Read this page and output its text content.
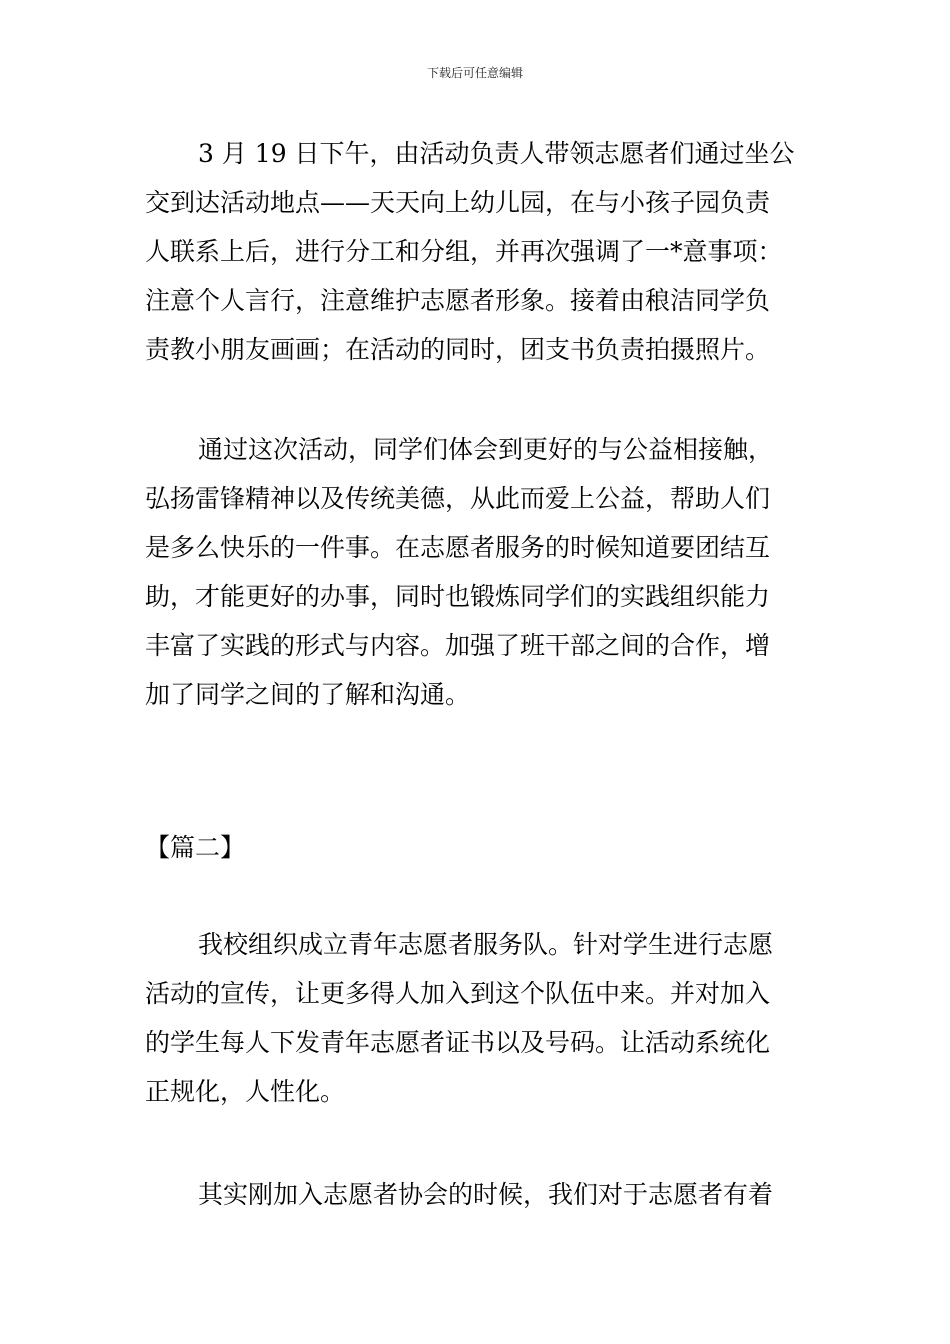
下载后可任意编辑
3 月 19 日下午，由活动负责人带领志愿者们通过坐公
交到达活动地点——天天向上幼儿园，在与小孩子园负责
人联系上后，进行分工和分组，并再次强调了一*意事项：
注意个人言行，注意维护志愿者形象。接着由稂洁同学负
责教小朋友画画；在活动的同时，团支书负责拍摄照片。
通过这次活动，同学们体会到更好的与公益相接触，
弘扬雷锋精神以及传统美德，从此而爱上公益，帮助人们
是多么快乐的一件事。在志愿者服务的时候知道要团结互
助，才能更好的办事，同时也锻炼同学们的实践组织能力
丰富了实践的形式与内容。加强了班干部之间的合作，增
加了同学之间的了解和沟通。
【篇二】
我校组织成立青年志愿者服务队。针对学生进行志愿
活动的宣传，让更多得人加入到这个队伍中来。并对加入
的学生每人下发青年志愿者证书以及号码。让活动系统化
正规化，人性化。
其实刚加入志愿者协会的时候，我们对于志愿者有着
